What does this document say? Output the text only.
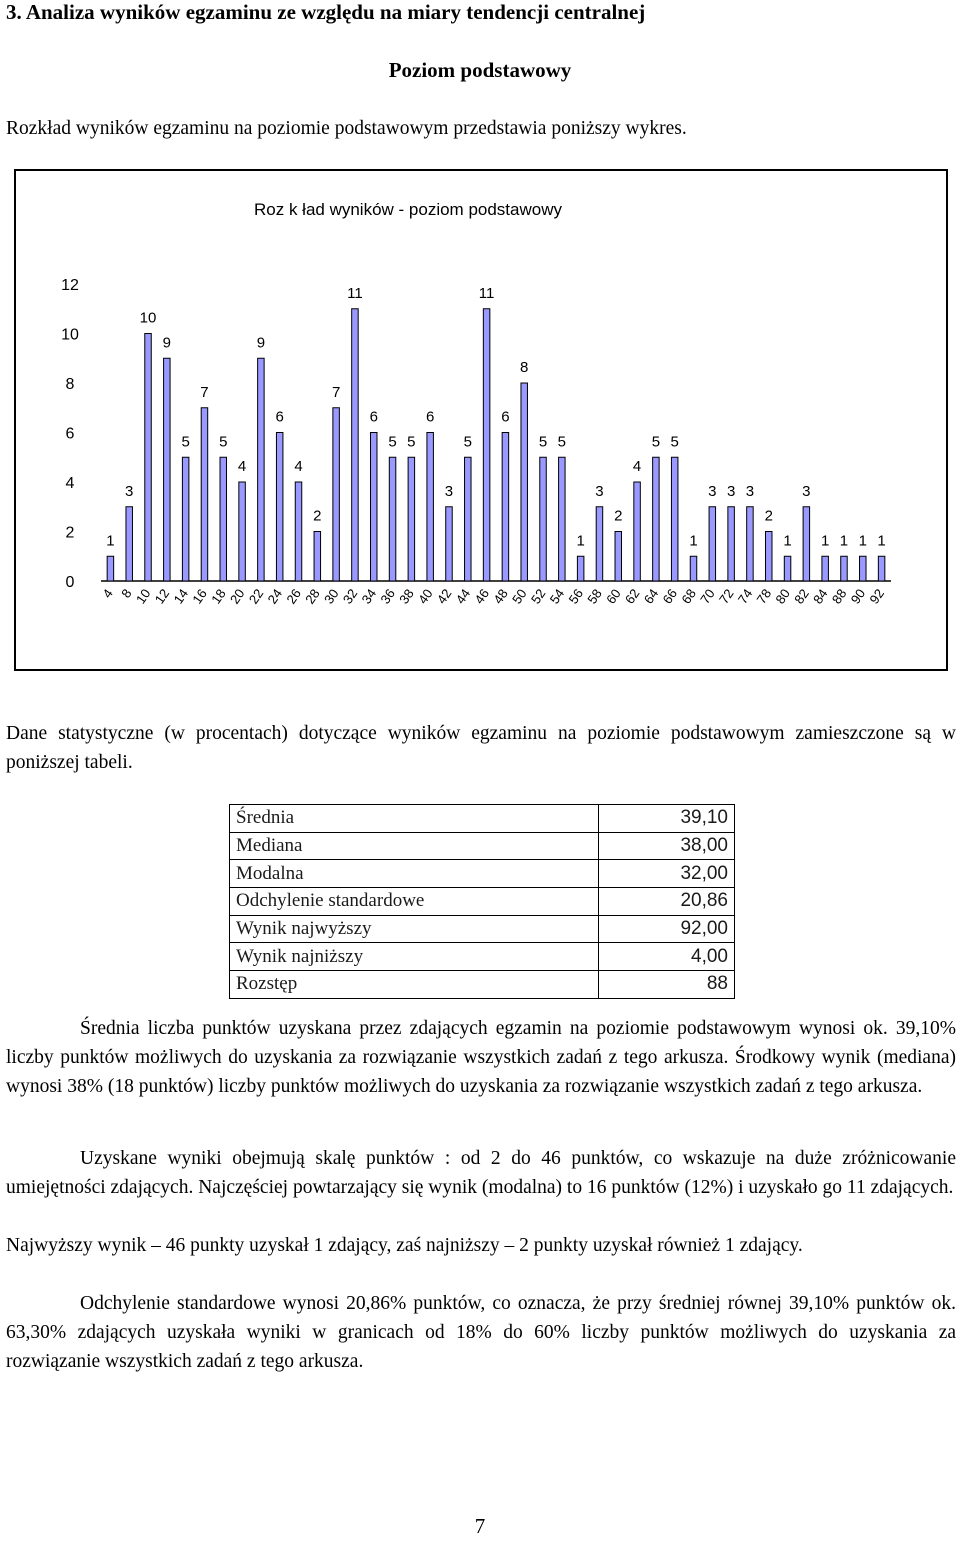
3. Analiza wyników egzaminu ze względu na miary tendencji centralnej
Poziom podstawowy
Rozkład wyników egzaminu na poziomie podstawowym przedstawia poniższy wykres.
Roz k ład wyników - poziom podstawowy
0
2
4
6
8
10
12
1
4
3
8
10
10
9
12
5
14
7
16
5
18
4
20
9
22
6
24
4
26
2
28
7
30
11
32
6
34
5
36
5
38
6
40
3
42
5
44
11
46
6
48
8
50
5
52
5
54
1
56
3
58
2
60
4
62
5
64
5
66
1
68
3
70
3
72
3
74
2
78
1
80
3
82
1
84
1
88
1
90
1
92
Dane statystyczne (w procentach) dotyczące wyników egzaminu na poziomie podstawowym zamieszczone są w poniższej tabeli.
Średnia	39,10
Mediana	38,00
Modalna	32,00
Odchylenie standardowe	20,86
Wynik najwyższy	92,00
Wynik najniższy	4,00
Rozstęp	88
Średnia liczba punktów uzyskana przez zdających egzamin na poziomie podstawowym wynosi ok. 39,10% liczby punktów możliwych do uzyskania za rozwiązanie wszystkich zadań z tego arkusza. Środkowy wynik (mediana) wynosi 38% (18 punktów) liczby punktów możliwych do uzyskania za rozwiązanie wszystkich zadań z tego arkusza.
Uzyskane wyniki obejmują skalę punktów : od 2 do 46 punktów, co wskazuje na duże zróżnicowanie umiejętności zdających. Najczęściej powtarzający się wynik (modalna) to 16 punktów (12%) i uzyskało go 11 zdających.
Najwyższy wynik – 46 punkty uzyskał 1 zdający, zaś najniższy – 2 punkty uzyskał również 1 zdający.
Odchylenie standardowe wynosi 20,86% punktów, co oznacza, że przy średniej równej 39,10% punktów ok. 63,30% zdających uzyskała wyniki w granicach od 18% do 60% liczby punktów możliwych do uzyskania za rozwiązanie wszystkich zadań z tego arkusza.
7
